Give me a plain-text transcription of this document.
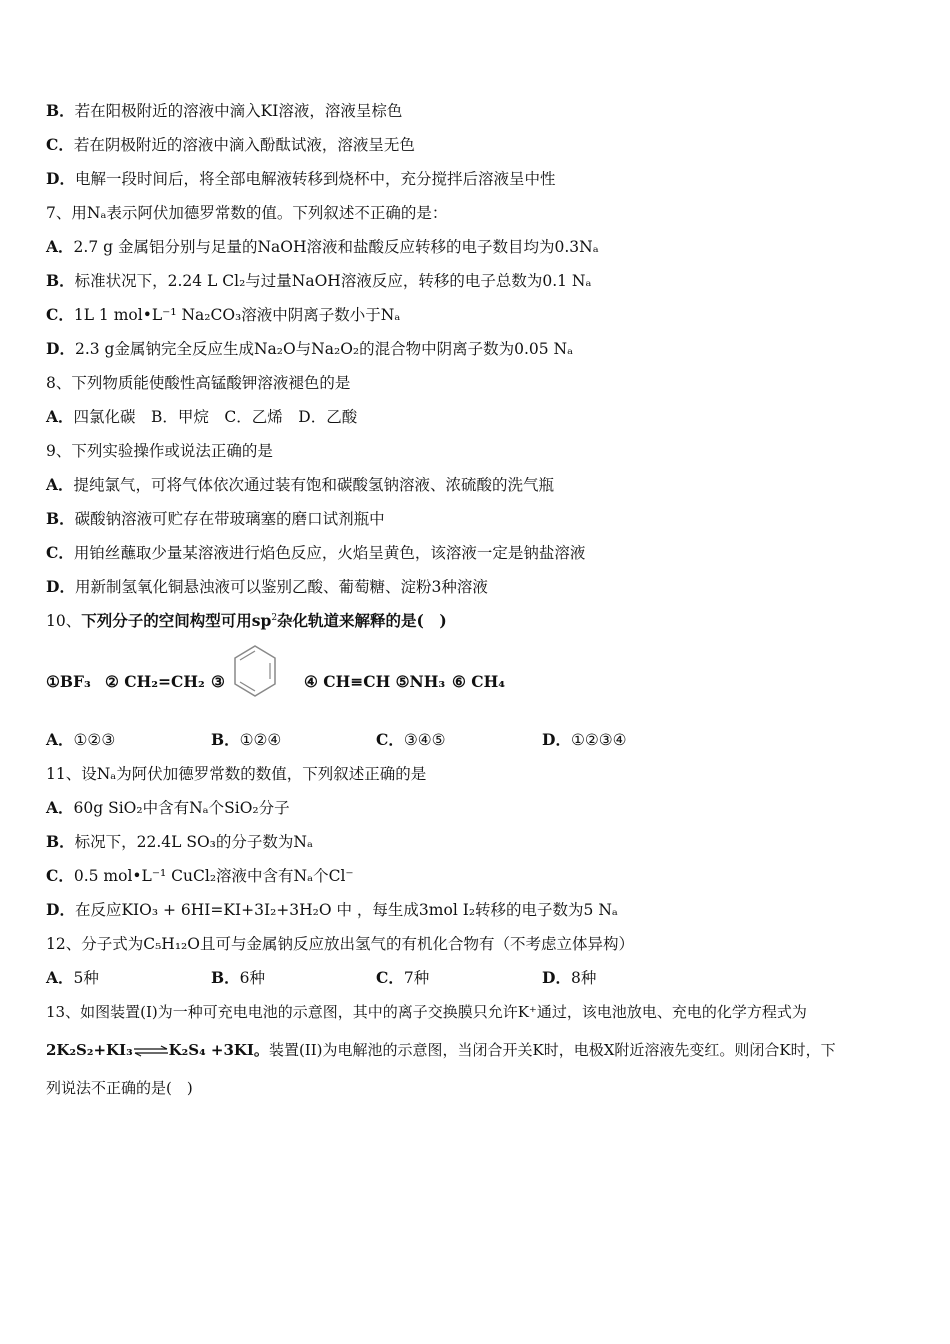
B．若在阳极附近的溶液中滴入KI溶液，溶液呈棕色
C．若在阴极附近的溶液中滴入酚酞试液，溶液呈无色
D．电解一段时间后，将全部电解液转移到烧杯中，充分搅拌后溶液呈中性
7、用Nₐ表示阿伏加德罗常数的值。下列叙述不正确的是：
A．2.7 g 金属铝分别与足量的NaOH溶液和盐酸反应转移的电子数目均为0.3Nₐ
B．标准状况下，2.24 L Cl₂与过量NaOH溶液反应，转移的电子总数为0.1 Nₐ
C．1L 1 mol•L⁻¹ Na₂CO₃溶液中阴离子数小于Nₐ
D．2.3 g金属钠完全反应生成Na₂O与Na₂O₂的混合物中阴离子数为0.05 Nₐ
8、下列物质能使酸性高锰酸钾溶液褪色的是
A．四氯化碳　B．甲烷　C．乙烯　D．乙酸
9、下列实验操作或说法正确的是
A．提纯氯气，可将气体依次通过装有饱和碳酸氢钠溶液、浓硫酸的洗气瓶
B．碳酸钠溶液可贮存在带玻璃塞的磨口试剂瓶中
C．用铂丝蘸取少量某溶液进行焰色反应，火焰呈黄色，该溶液一定是钠盐溶液
D．用新制氢氧化铜悬浊液可以鉴别乙酸、葡萄糖、淀粉3种溶液
10、下列分子的空间构型可用$sp^2$杂化轨道来解释的是(　)
①BF₃ ② CH₂=CH₂ ③	④ CH≡CH ⑤NH₃ ⑥ CH₄
A．①②③	B．①②④	C．③④⑤	D．①②③④
11、设Nₐ为阿伏加德罗常数的数值，下列叙述正确的是
A．60g SiO₂中含有Nₐ个SiO₂分子
B．标况下，22.4L SO₃的分子数为Nₐ
C．0.5 mol•L⁻¹ CuCl₂溶液中含有Nₐ个Cl⁻
D．在反应KIO₃ + 6HI=KI+3I₂+3H₂O 中 ，每生成3mol I₂转移的电子数为5 Nₐ
12、分子式为C₅H₁₂O且可与金属钠反应放出氢气的有机化合物有（不考虑立体异构）
A．5种	B．6种	C．7种	D．8种
13、如图装置(I)为一种可充电电池的示意图，其中的离子交换膜只允许K⁺通过，该电池放电、充电的化学方程式为
2K₂S₂+KI₃⇌K₂S₄ +3KI。装置(II)为电解池的示意图，当闭合开关K时，电极X附近溶液先变红。则闭合K时，下
列说法不正确的是(　)
